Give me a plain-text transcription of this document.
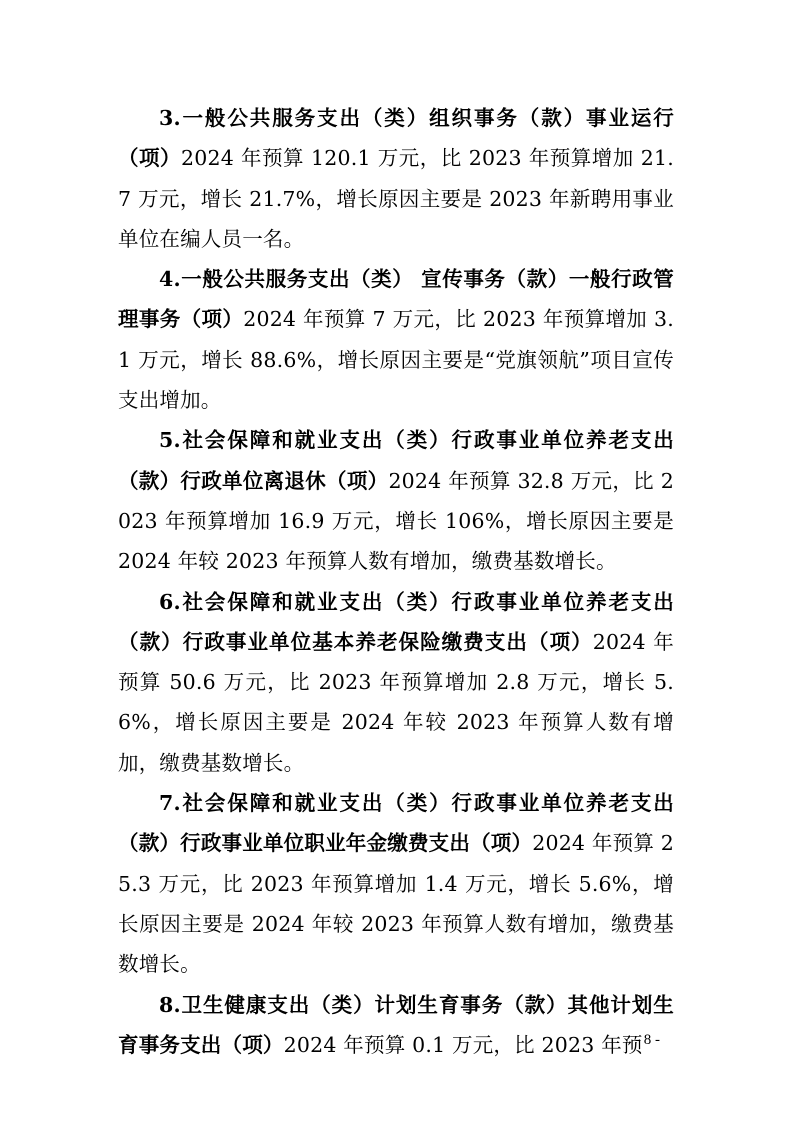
3.一般公共服务支出（类）组织事务（款）事业运行（项）2024 年预算 120.1 万元，比 2023 年预算增加 21.7 万元，增长 21.7%，增长原因主要是 2023 年新聘用事业单位在编人员一名。

4.一般公共服务支出（类） 宣传事务（款）一般行政管理事务（项）2024 年预算 7 万元，比 2023 年预算增加 3.1 万元，增长 88.6%，增长原因主要是“党旗领航”项目宣传支出增加。

5.社会保障和就业支出（类）行政事业单位养老支出（款）行政单位离退休（项）2024 年预算 32.8 万元，比 2023 年预算增加 16.9 万元，增长 106%，增长原因主要是 2024 年较 2023 年预算人数有增加，缴费基数增长。

6.社会保障和就业支出（类）行政事业单位养老支出（款）行政事业单位基本养老保险缴费支出（项）2024 年预算 50.6 万元，比 2023 年预算增加 2.8 万元，增长 5.6%，增长原因主要是 2024 年较 2023 年预算人数有增加，缴费基数增长。

7.社会保障和就业支出（类）行政事业单位养老支出（款）行政事业单位职业年金缴费支出（项）2024 年预算 25.3 万元，比 2023 年预算增加 1.4 万元，增长 5.6%，增长原因主要是 2024 年较 2023 年预算人数有增加，缴费基数增长。

8.卫生健康支出（类）计划生育事务（款）其他计划生育事务支出（项）2024 年预算 0.1 万元，比 2023 年预

- 8 -
